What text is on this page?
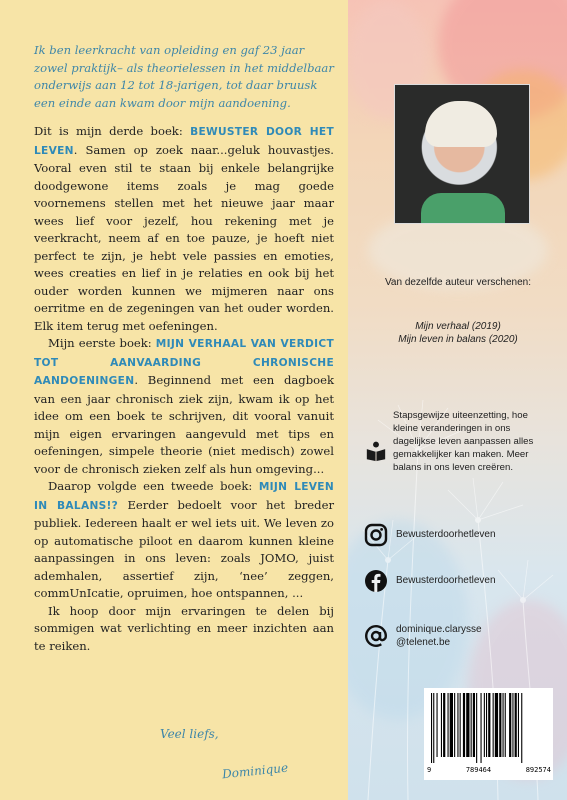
Ik ben leerkracht van opleiding en gaf 23 jaar zowel praktijk– als theorielessen in het middelbaar onderwijs aan 12 tot 18-jarigen, tot daar bruusk een einde aan kwam door mijn aandoening.

Dit is mijn derde boek: BEWUSTER DOOR HET LEVEN. Samen op zoek naar...geluk houvastjes. Vooral even stil te staan bij enkele belangrijke doodgewone items zoals je mag goede voornemens stellen met het nieuwe jaar maar wees lief voor jezelf, hou rekening met je veerkracht, neem af en toe pauze, je hoeft niet perfect te zijn, je hebt vele passies en emoties, wees creaties en lief in je relaties en ook bij het ouder worden kunnen we mijmeren naar ons oerritme en de zegeningen van het ouder worden. Elk item terug met oefeningen.

Mijn eerste boek: MIJN VERHAAL VAN VERDICT TOT AANVAARDING CHRONISCHE AANDOENINGEN. Beginnend met een dagboek van een jaar chronisch ziek zijn, kwam ik op het idee om een boek te schrijven, dit vooral vanuit mijn eigen ervaringen aangevuld met tips en oefeningen, simpele theorie (niet medisch) zowel voor de chronisch zieken zelf als hun omgeving...

Daarop volgde een tweede boek: MIJN LEVEN IN BALANS!? Eerder bedoelt voor het breder publiek. Iedereen haalt er wel iets uit. We leven zo op automatische piloot en daarom kunnen kleine aanpassingen in ons leven: zoals JOMO, juist ademhalen, assertief zijn, ‘nee’ zeggen, commUnIcatie, opruimen, hoe ontspannen, ...

Ik hoop door mijn ervaringen te delen bij sommigen wat verlichting en meer inzichten aan te reiken.

Veel liefs,

Dominique

Van dezelfde auteur verschenen:

Mijn verhaal (2019)
Mijn leven in balans (2020)

Stapsgewijze uiteenzetting, hoe kleine veranderingen in ons dagelijkse leven aanpassen alles gemakkelijker kan maken. Meer balans in ons leven creëren.

Bewusterdoorhetleven
Bewusterdoorhetleven
dominique.clarysse @telenet.be
9	789464	892574
